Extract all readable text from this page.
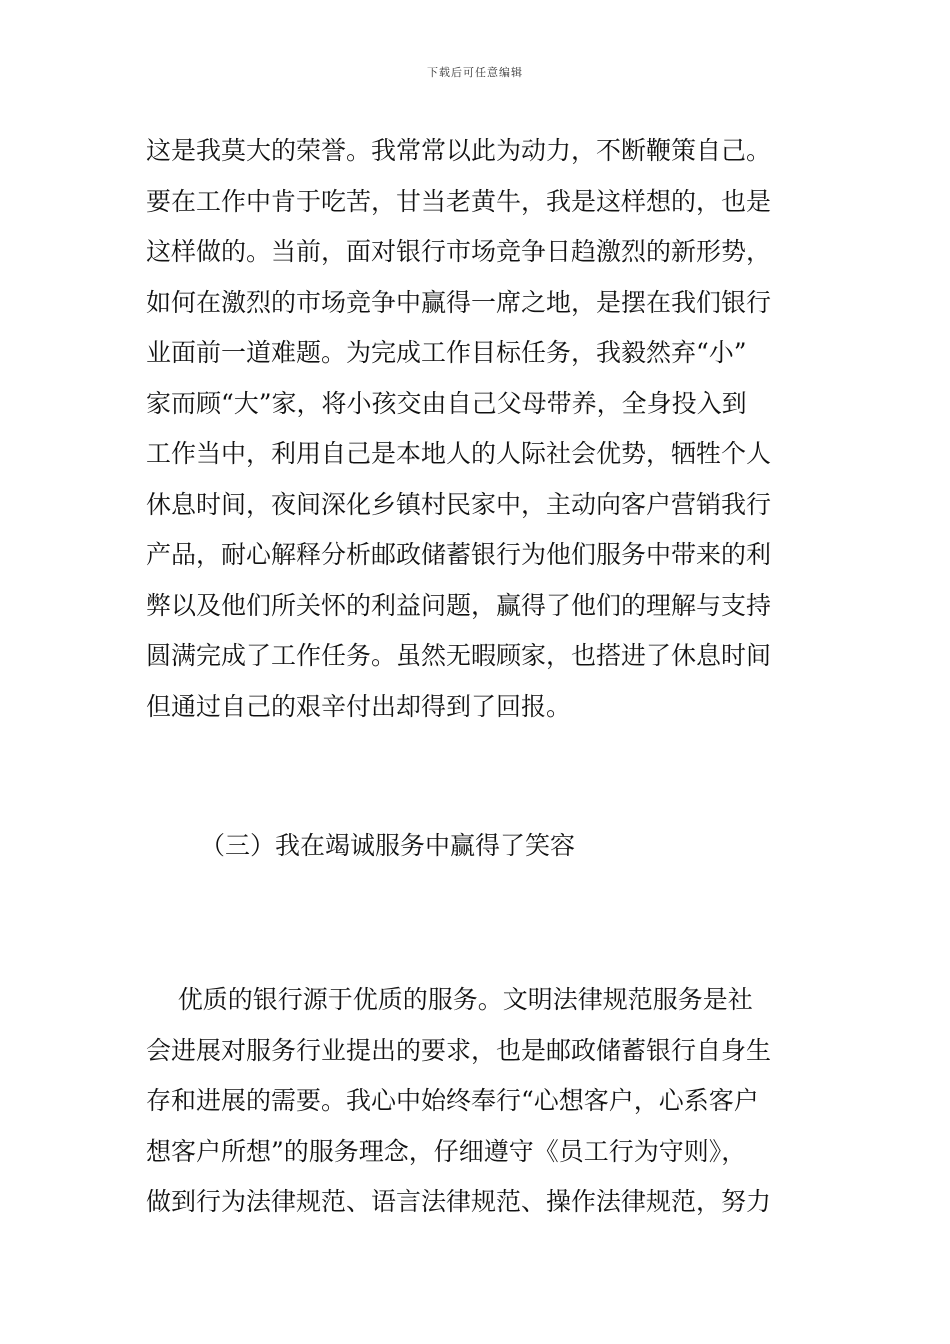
下载后可任意编辑
这是我莫大的荣誉。我常常以此为动力，不断鞭策自己。
要在工作中肯于吃苦，甘当老黄牛，我是这样想的，也是
这样做的。当前，面对银行市场竞争日趋激烈的新形势，
如何在激烈的市场竞争中赢得一席之地，是摆在我们银行
业面前一道难题。为完成工作目标任务，我毅然弃“小”
家而顾“大”家，将小孩交由自己父母带养，全身投入到
工作当中，利用自己是本地人的人际社会优势，牺牲个人
休息时间，夜间深化乡镇村民家中，主动向客户营销我行
产品，耐心解释分析邮政储蓄银行为他们服务中带来的利
弊以及他们所关怀的利益问题，赢得了他们的理解与支持
圆满完成了工作任务。虽然无暇顾家，也搭进了休息时间
但通过自己的艰辛付出却得到了回报。
（三）我在竭诚服务中赢得了笑容
优质的银行源于优质的服务。文明法律规范服务是社
会进展对服务行业提出的要求，也是邮政储蓄银行自身生
存和进展的需要。我心中始终奉行“心想客户，心系客户
想客户所想”的服务理念，仔细遵守《员工行为守则》，
做到行为法律规范、语言法律规范、操作法律规范，努力
